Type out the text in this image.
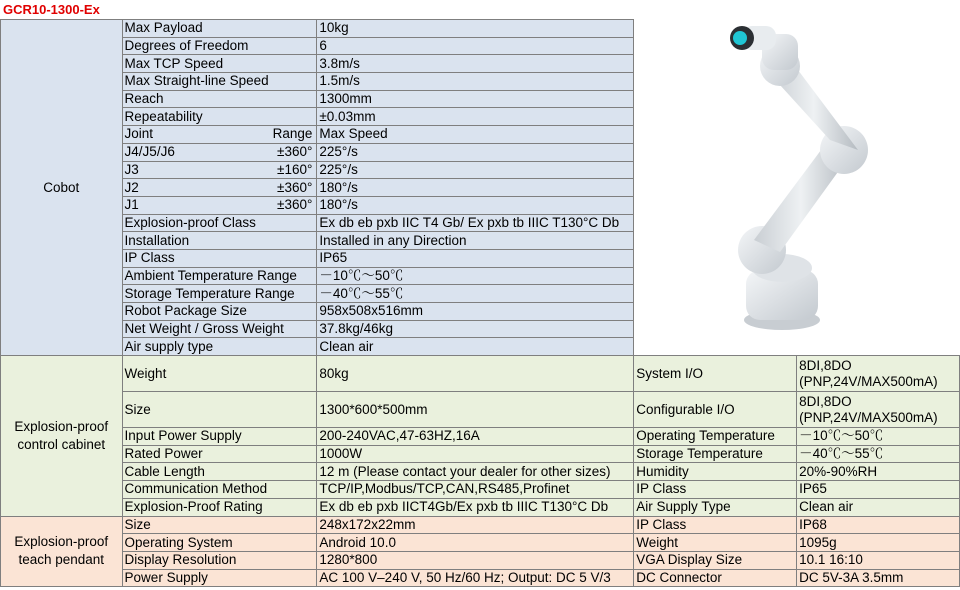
GCR10-1300-Ex
Cobot	Max Payload	10kg		
	Degrees of Freedom	6		
	Max TCP Speed	3.8m/s		
	Max Straight-line Speed	1.5m/s		
	Reach	1300mm		
	Repeatability	±0.03mm		

	Joint Range	Max Speed		

	J4/J5/J6 ±360°	225°/s		

	J3 ±160°	225°/s		

	J2 ±360°	180°/s		

	J1 ±360°	180°/s		
	Explosion-proof Class	Ex db eb pxb IIC T4 Gb/ Ex pxb tb IIIC T130°C Db		
	Installation	Installed in any Direction		
	IP Class	IP65		
	Ambient Temperature Range	－10℃～50℃		
	Storage Temperature Range	－40℃～55℃		
	Robot Package Size	958x508x516mm		
	Net Weight / Gross Weight	37.8kg/46kg		
	Air supply type	Clean air		
Explosion-proof control cabinet	Weight	80kg	System I/O	8DI,8DO (PNP,24V/MAX500mA)
	Size	1300*600*500mm	Configurable I/O	8DI,8DO (PNP,24V/MAX500mA)
	Input Power Supply	200-240VAC,47-63HZ,16A	Operating Temperature	－10℃～50℃
	Rated Power	1000W	Storage Temperature	－40℃～55℃
	Cable Length	12 m (Please contact your dealer for other sizes)	Humidity	20%-90%RH
	Communication Method	TCP/IP,Modbus/TCP,CAN,RS485,Profinet	IP Class	IP65
	Explosion-Proof Rating	Ex db eb pxb IICT4Gb/Ex pxb tb IIIC T130°C Db	Air Supply Type	Clean air
Explosion-proof teach pendant	Size	248x172x22mm	IP Class	IP68
	Operating System	Android 10.0	Weight	1095g
	Display Resolution	1280*800	VGA Display Size	10.1 16:10
	Power Supply	AC 100 V–240 V, 50 Hz/60 Hz; Output: DC 5 V/3	DC Connector	DC 5V-3A 3.5mm
